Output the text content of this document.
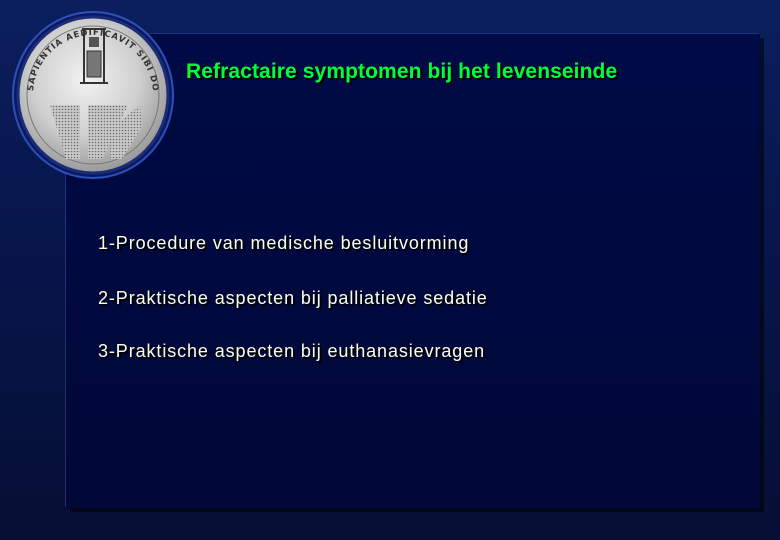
SAPIENTIA AEDIFICAVIT SIBI DO
Refractaire symptomen bij het levenseinde

1-Procedure van medische besluitvorming

2-Praktische aspecten bij palliatieve sedatie

3-Praktische aspecten bij euthanasievragen
